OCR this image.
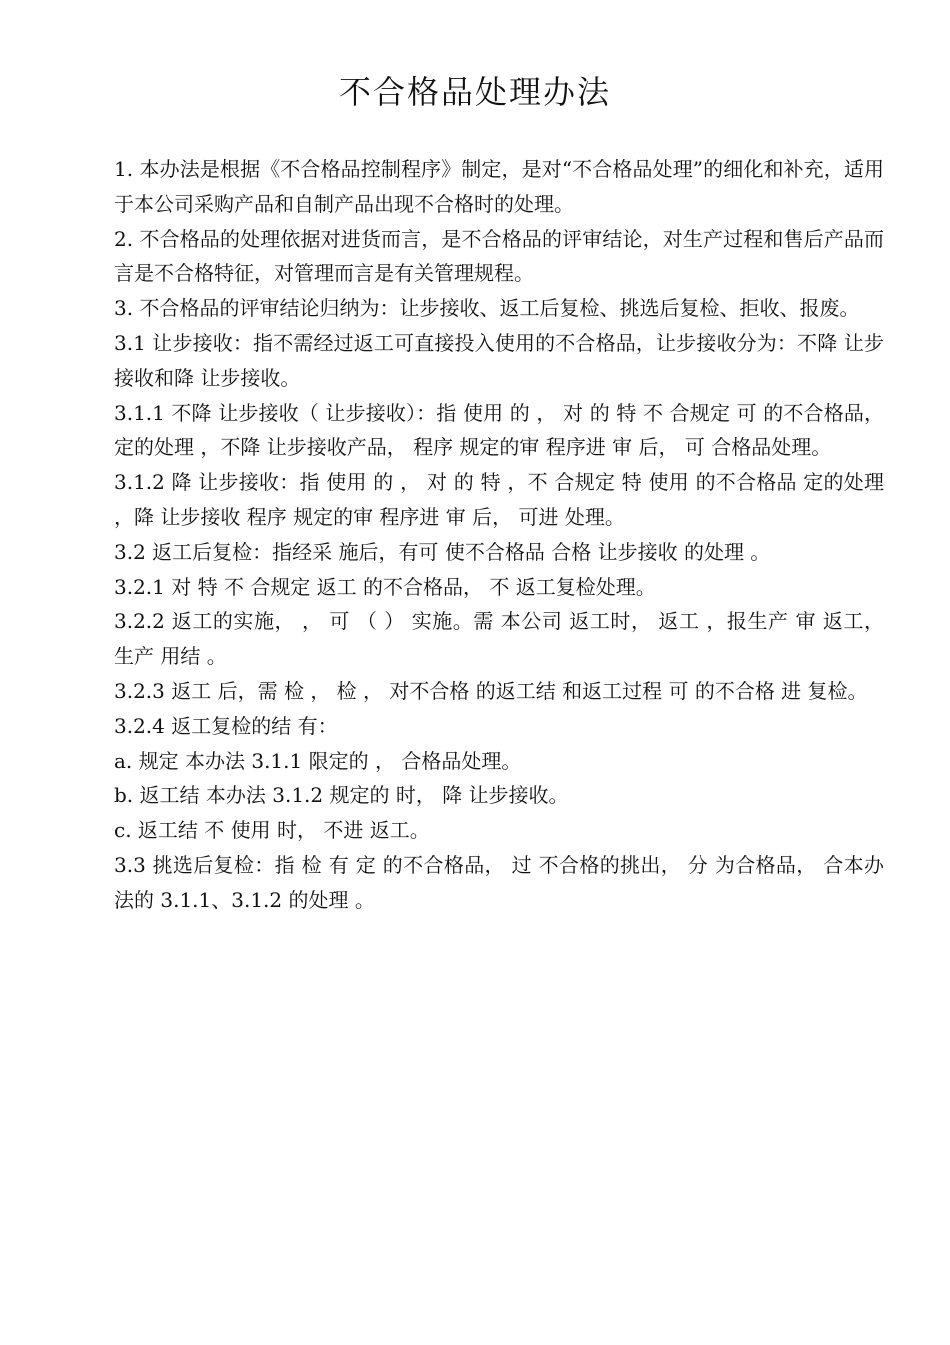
不合格品处理办法

1. 本办法是根据《不合格品控制程序》制定，是对“不合格品处理”的细化和补充，适用于本公司采购产品和自制产品出现不合格时的处理。

2. 不合格品的处理依据对进货而言，是不合格品的评审结论，对生产过程和售后产品而言是不合格特征，对管理而言是有关管理规程。

3. 不合格品的评审结论归纳为：让步接收、返工后复检、挑选后复检、拒收、报废。

3.1 让步接收：指不需经过返工可直接投入使用的不合格品，让步接收分为：不降 让步接收和降 让步接收。

3.1.1 不降 让步接收（ 让步接收）：指 使用 的 ， 对 的 特 不 合规定 可 的不合格品， 定的处理 ，不降 让步接收产品， 程序 规定的审 程序进 审 后， 可 合格品处理。

3.1.2 降 让步接收：指 使用 的 ， 对 的 特 ，不 合规定 特 使用 的不合格品 定的处理 ，降 让步接收 程序 规定的审 程序进 审 后， 可进 处理。

3.2 返工后复检：指经采 施后，有可 使不合格品 合格 让步接收 的处理 。

3.2.1 对 特 不 合规定 返工 的不合格品， 不 返工复检处理。

3.2.2 返工的实施， ， 可 （ ） 实施。需 本公司 返工时， 返工 ，报生产 审 返工， 生产 用结 。

3.2.3 返工 后，需 检 ， 检 ， 对不合格 的返工结 和返工过程 可 的不合格 进 复检。

3.2.4 返工复检的结 有：

a. 规定 本办法 3.1.1 限定的 ， 合格品处理。

b. 返工结 本办法 3.1.2 规定的 时， 降 让步接收。

c. 返工结 不 使用 时， 不进 返工。

3.3 挑选后复检：指 检 有 定 的不合格品， 过 不合格的挑出， 分 为合格品， 合本办法的 3.1.1、3.1.2 的处理 。
